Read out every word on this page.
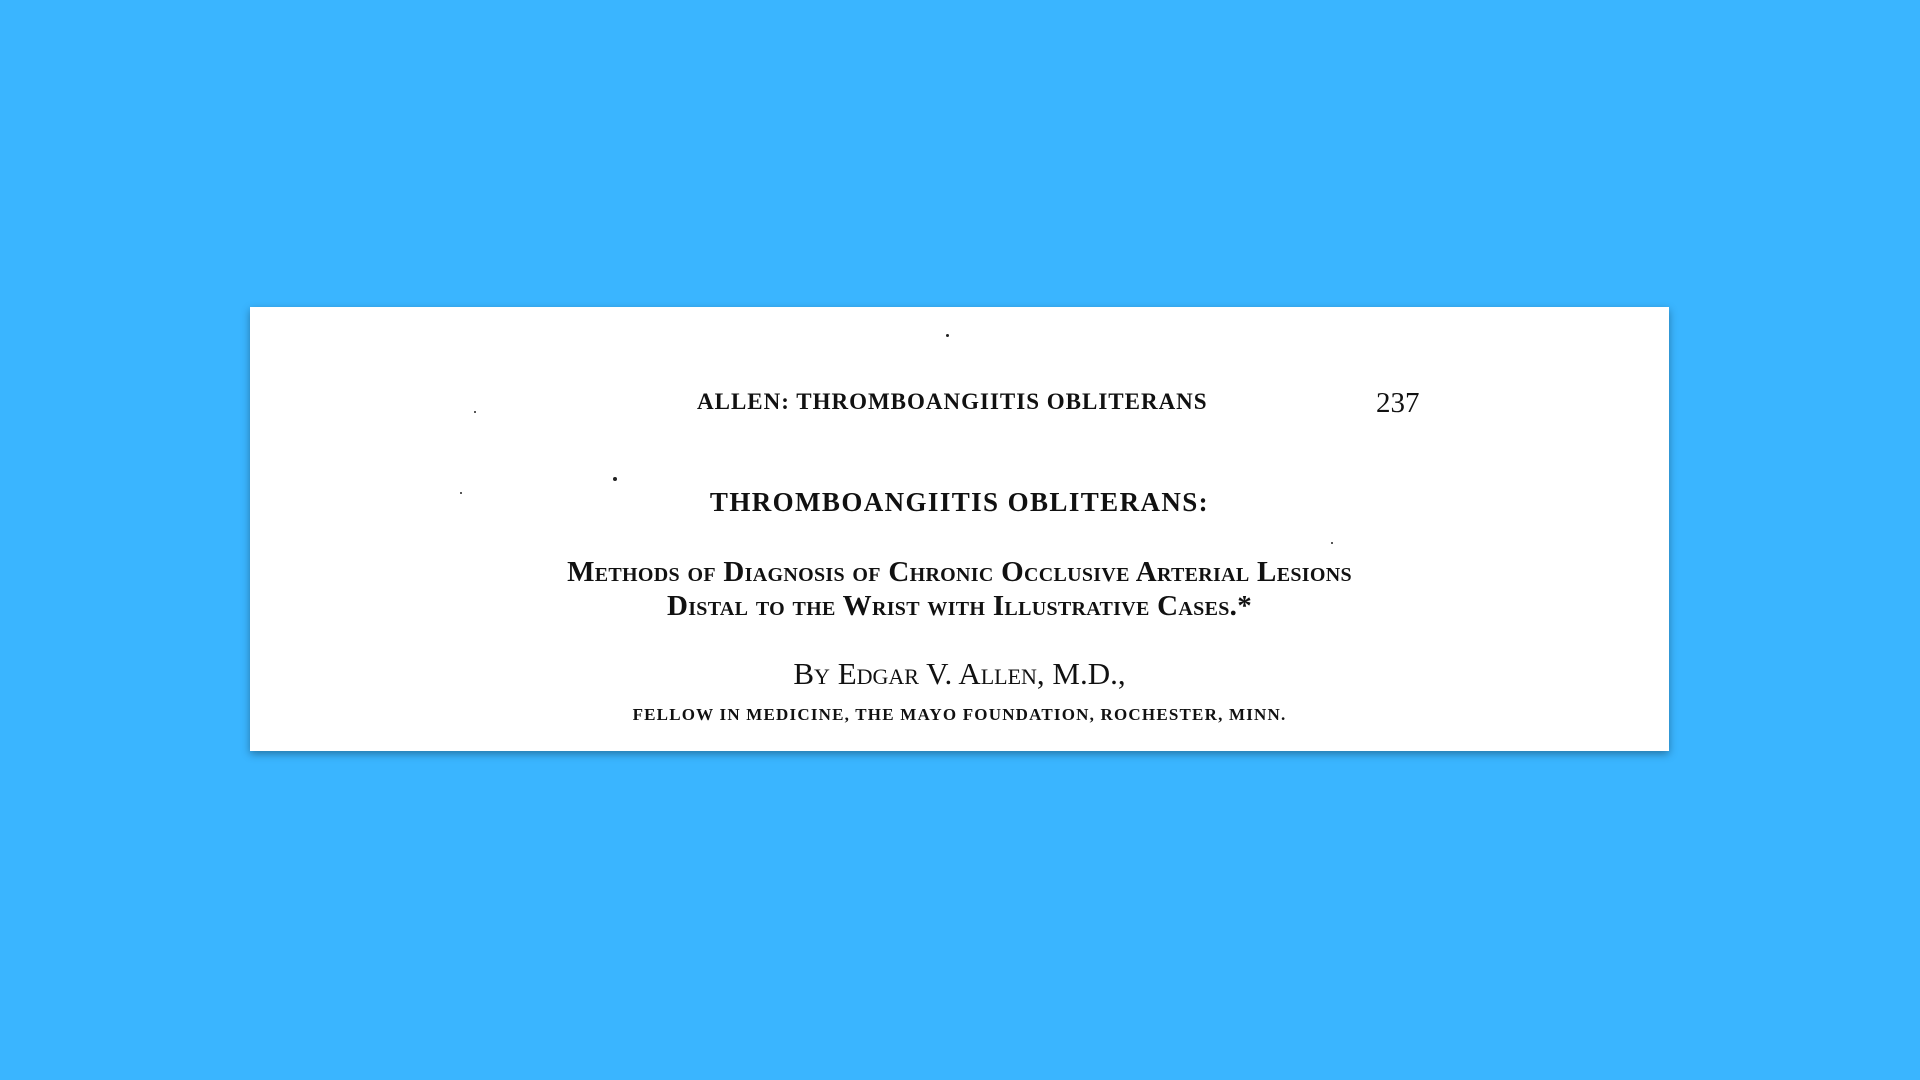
ALLEN: THROMBOANGIITIS OBLITERANS	237
THROMBOANGIITIS OBLITERANS:
Methods of Diagnosis of Chronic Occlusive Arterial Lesions
Distal to the Wrist with Illustrative Cases.*
By Edgar V. Allen, M.D.,
FELLOW IN MEDICINE, THE MAYO FOUNDATION, ROCHESTER, MINN.
